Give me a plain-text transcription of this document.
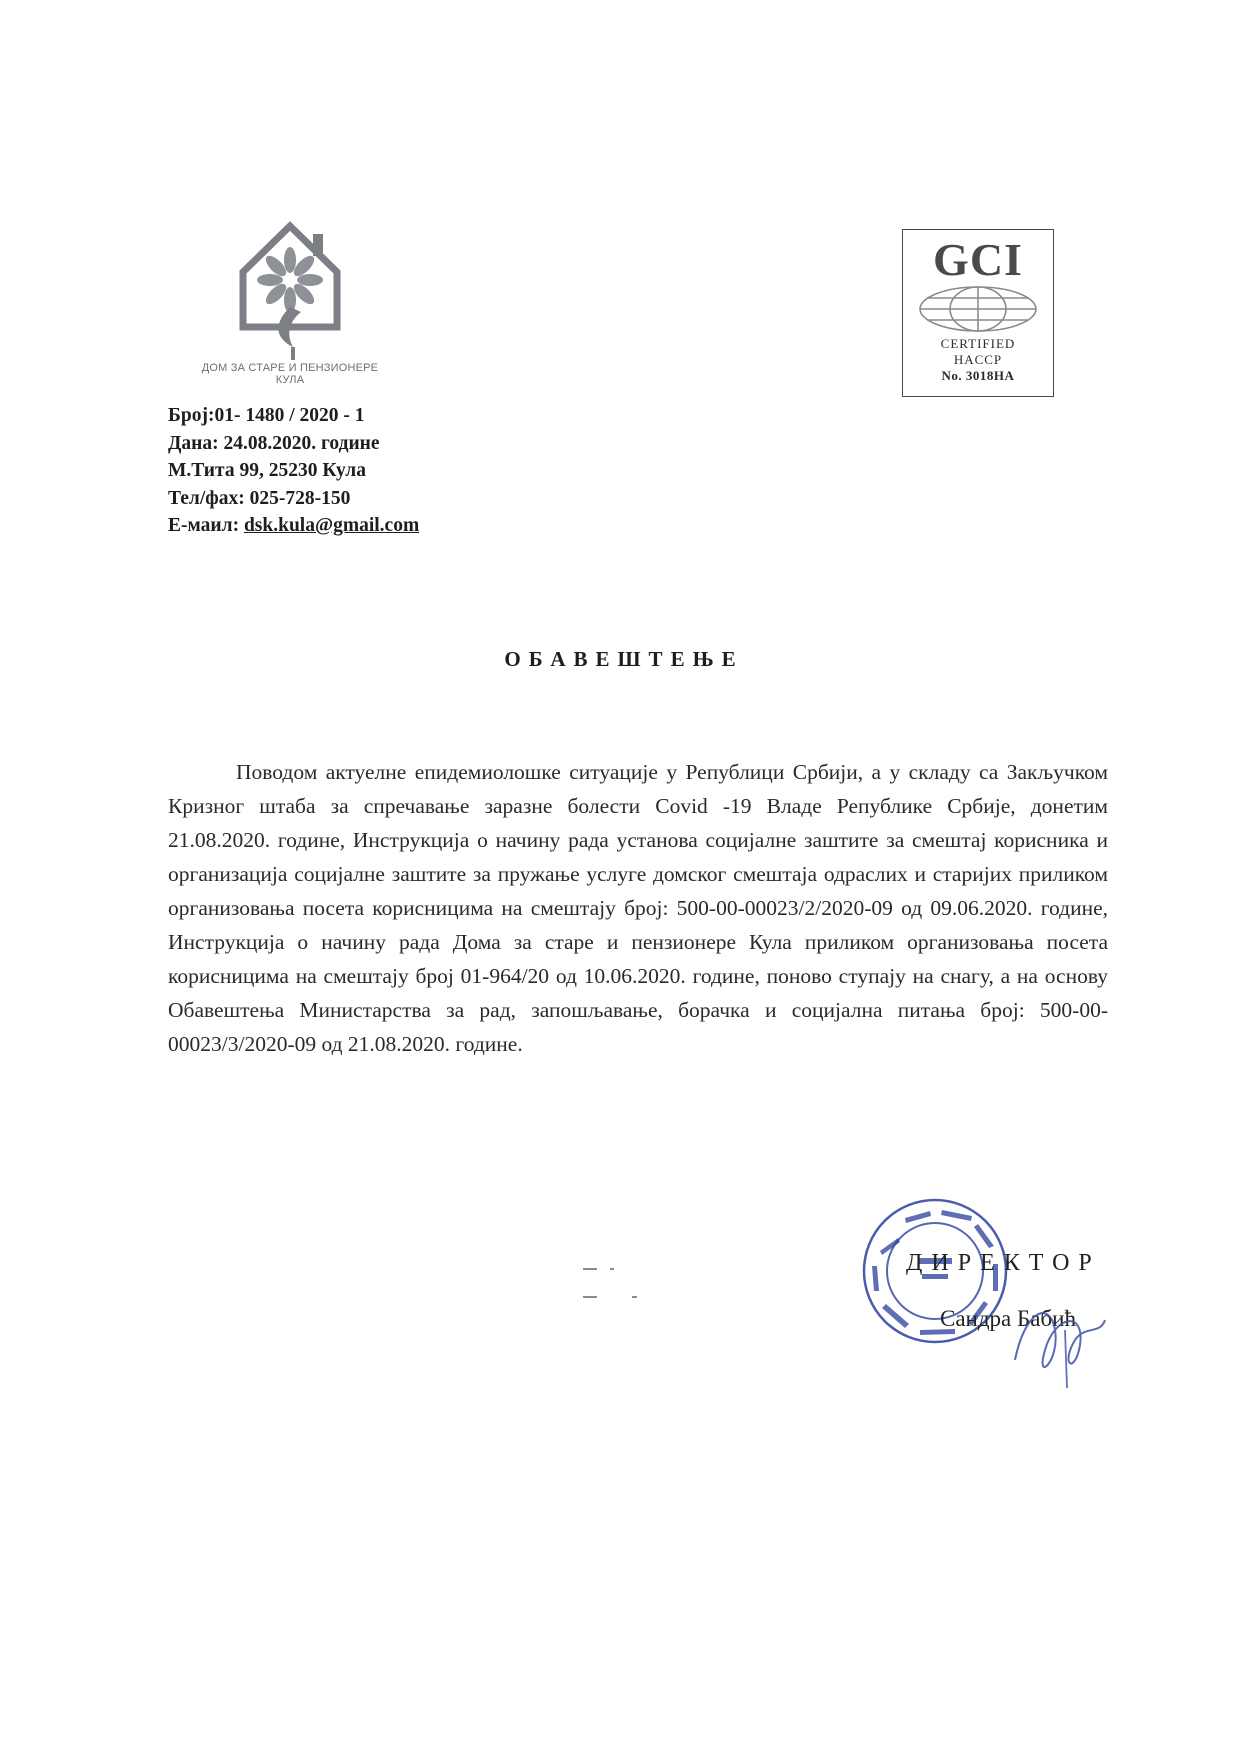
ДОМ ЗА СТАРЕ И ПЕНЗИОНЕРЕ
КУЛА
Број:01- 1480 / 2020 - 1
Дана: 24.08.2020. године
М.Тита 99, 25230 Кула
Тел/фах: 025-728-150
Е-маил: dsk.kula@gmail.com
GCI
CERTIFIED
HACCP
No. 3018HA
ОБАВЕШТЕЊЕ

Поводом актуелне епидемиолошке ситуације у Републици Србији, а у складу са Закључком Кризног штаба за спречавање заразне болести Covid -19 Владе Републике Србије, донетим 21.08.2020. године, Инструкција о начину рада установа социјалне заштите за смештај корисника и организација социјалне заштите за пружање услуге домског смештаја одраслих и старијих приликом организовања посета корисницима на смештају број: 500-00-00023/2/2020-09 од 09.06.2020. године, Инструкција о начину рада Дома за старе и пензионере Кула приликом организовања посета корисницима на смештају број 01-964/20 од 10.06.2020. године, поново ступају на снагу, а на основу Обавештења Министарства за рад, запошљавање, борачка и социјална питања број: 500-00-00023/3/2020-09 од 21.08.2020. године.

ДИРЕКТОР
Сандра Бабић
